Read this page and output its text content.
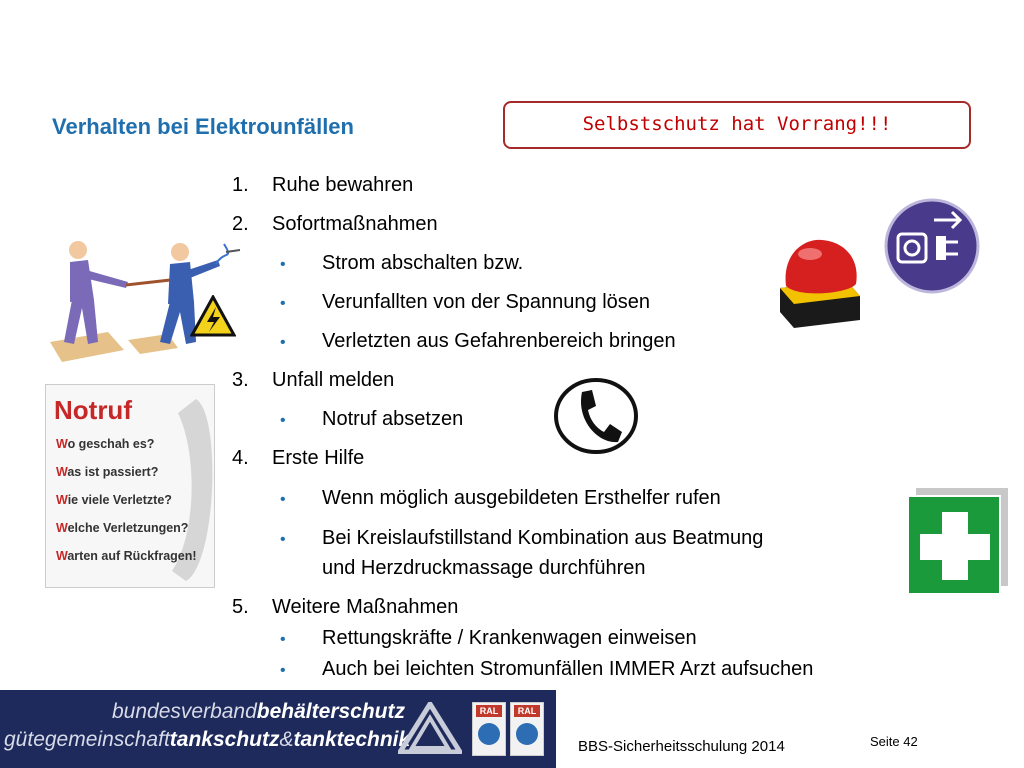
Verhalten bei Elektrounfällen	Selbstschutz hat Vorrang!!!
1. Ruhe bewahren
2. Sofortmaßnahmen
• Strom abschalten bzw.
• Verunfallten von der Spannung lösen
• Verletzten aus Gefahrenbereich bringen
3. Unfall melden
• Notruf absetzen
4. Erste Hilfe
• Wenn möglich ausgebildeten Ersthelfer rufen
• Bei Kreislaufstillstand Kombination aus Beatmung
und Herzdruckmassage durchführen
5. Weitere Maßnahmen
• Rettungskräfte / Krankenwagen einweisen
• Auch bei leichten Stromunfällen IMMER Arzt aufsuchen
Notruf
Wo geschah es?
Was ist passiert?
Wie viele Verletzte?
Welche Verletzungen?
Warten auf Rückfragen!
bundesverbandbehälterschutz
gütegemeinschafttankschutz&tanktechnik
RAL	RAL
BBS-Sicherheitsschulung 2014	Seite 42
